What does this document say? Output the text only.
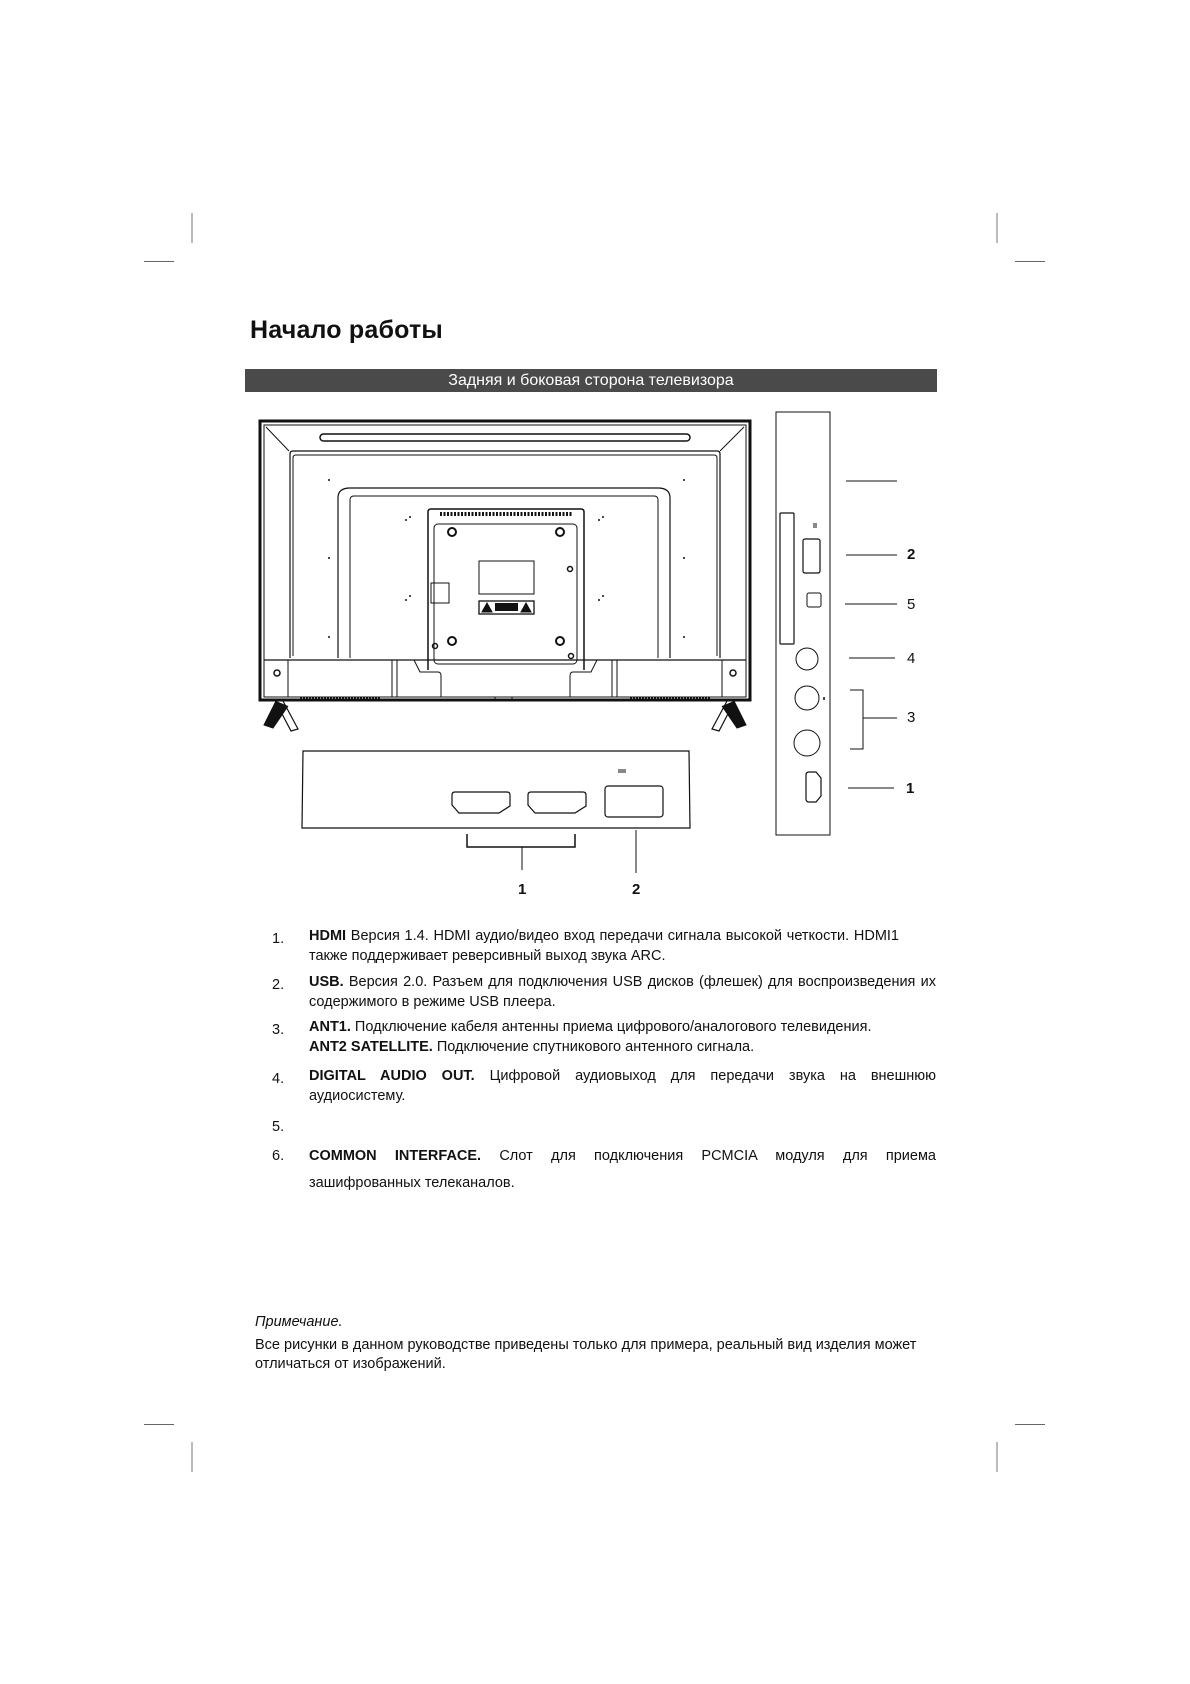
Начало работы
Задняя и боковая сторона телевизора
2
5
4
3
1
1	2
1. HDMI Версия 1.4. HDMI аудио/видео вход передачи сигнала высокой четкости. HDMI1 также поддерживает реверсивный выход звука ARC.
2. USB. Версия 2.0. Разъем для подключения USB дисков (флешек) для воспроизведения их содержимого в режиме USB плеера.
3. ANT1. Подключение кабеля антенны приема цифрового/аналогового телевидения.
ANT2 SATELLITE. Подключение спутникового антенного сигнала.
4. DIGITAL AUDIO OUT. Цифровой аудиовыход для передачи звука на внешнюю аудиосистему.
5.
6. COMMON INTERFACE. Слот для подключения PCMCIA модуля для приема зашифрованных телеканалов.
Примечание.
Все рисунки в данном руководстве приведены только для примера, реальный вид изделия может отличаться от изображений.
